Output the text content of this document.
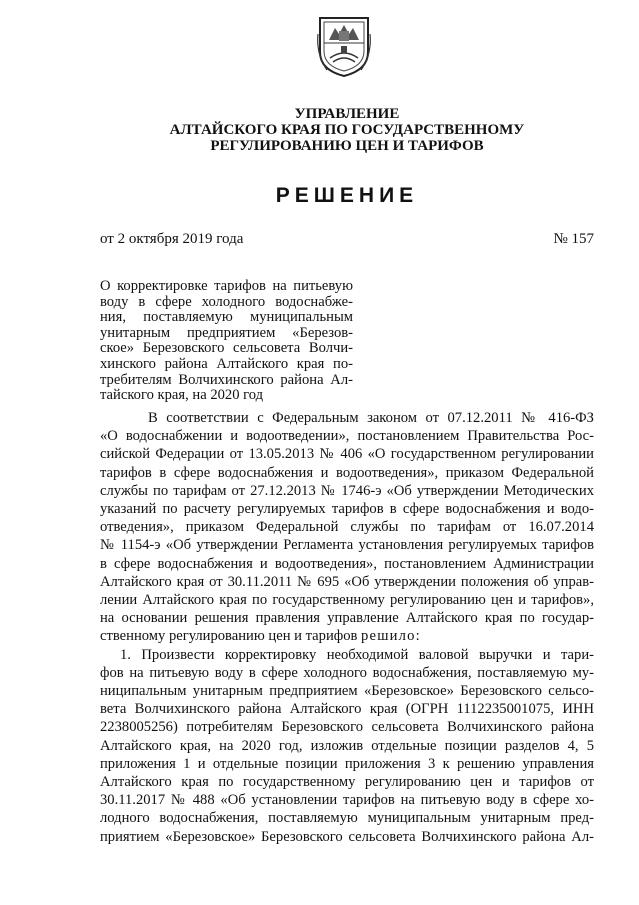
УПРАВЛЕНИЕ
АЛТАЙСКОГО КРАЯ ПО ГОСУДАРСТВЕННОМУ
РЕГУЛИРОВАНИЮ ЦЕН И ТАРИФОВ
РЕШЕНИЕ
от 2 октября 2019 года	№ 157

О корректировке тарифов на питьевую
воду в сфере холодного водоснабже-
ния, поставляемую муниципальным
унитарным предприятием «Березов-
ское» Березовского сельсовета Волчи-
хинского района Алтайского края по-
требителям Волчихинского района Ал-
тайского края, на 2020 год

В соответствии с Федеральным законом от 07.12.2011 № 416-ФЗ
«О водоснабжении и водоотведении», постановлением Правительства Рос-
сийской Федерации от 13.05.2013 № 406 «О государственном регулировании
тарифов в сфере водоснабжения и водоотведения», приказом Федеральной
службы по тарифам от 27.12.2013 № 1746-э «Об утверждении Методических
указаний по расчету регулируемых тарифов в сфере водоснабжения и водо-
отведения», приказом Федеральной службы по тарифам от 16.07.2014
№ 1154-э «Об утверждении Регламента установления регулируемых тарифов
в сфере водоснабжения и водоотведения», постановлением Администрации
Алтайского края от 30.11.2011 № 695 «Об утверждении положения об управ-
лении Алтайского края по государственному регулированию цен и тарифов»,
на основании решения правления управление Алтайского края по государ-
ственному регулированию цен и тарифов решило:
1. Произвести корректировку необходимой валовой выручки и тари-
фов на питьевую воду в сфере холодного водоснабжения, поставляемую му-
ниципальным унитарным предприятием «Березовское» Березовского сельсо-
вета Волчихинского района Алтайского края (ОГРН 1112235001075, ИНН
2238005256) потребителям Березовского сельсовета Волчихинского района
Алтайского края, на 2020 год, изложив отдельные позиции разделов 4, 5
приложения 1 и отдельные позиции приложения 3 к решению управления
Алтайского края по государственному регулированию цен и тарифов от
30.11.2017 № 488 «Об установлении тарифов на питьевую воду в сфере хо-
лодного водоснабжения, поставляемую муниципальным унитарным пред-
приятием «Березовское» Березовского сельсовета Волчихинского района Ал-
